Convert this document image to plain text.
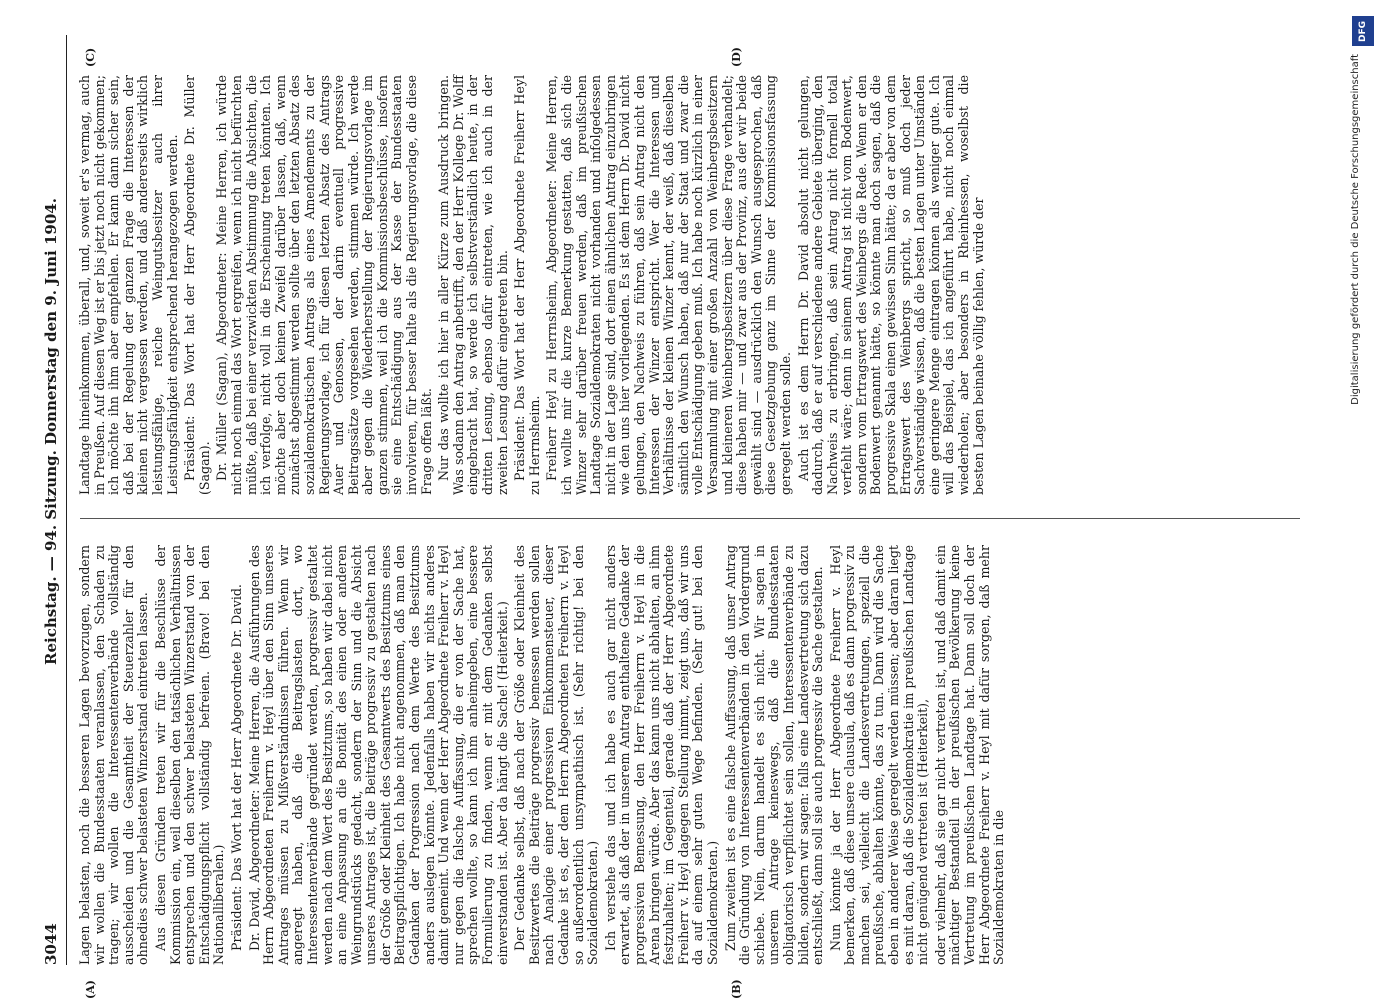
3044
Reichstag. — 94. Sitzung. Donnerstag den 9. Juni 1904.
(A)	(B)
(C)	(D)

Lagen belasten, noch die besseren Lagen bevorzugen, sondern wir wollen die Bundesstaaten veranlassen, den Schaden zu tragen; wir wollen die Interessentenverbände vollständig ausscheiden und die Gesamtheit der Steuerzahler für den ohnedies schwer belasteten Winzerstand eintreten lassen. Aus diesen Gründen treten wir für die Beschlüsse der Kommission ein, weil dieselben den tatsächlichen Verhältnissen entsprechen und den schwer belasteten Winzerstand von der Entschädigungspflicht vollständig befreien. (Bravo! bei den Nationalliberalen.) Präsident: Das Wort hat der Herr Abgeordnete Dr. David. Dr. David, Abgeordneter: Meine Herren, die Ausführungen des Herrn Abgeordneten Freiherrn v. Heyl über den Sinn unseres Antrages müssen zu Mißverständnissen führen. Wenn wir angeregt haben, daß die Beitragslasten dort, wo Interessentenverbände gegründet werden, progressiv gestaltet werden nach dem Wert des Besitztums, so haben wir dabei nicht an eine Anpassung an die Bonität des einen oder anderen Weingrundstücks gedacht, sondern der Sinn und die Absicht unseres Antrages ist, die Beiträge progressiv zu gestalten nach der Größe oder Kleinheit des Gesamtwerts des Besitztums eines Beitragspflichtigen. Ich habe nicht angenommen, daß man den Gedanken der Progression nach dem Werte des Besitztums anders auslegen könnte. Jedenfalls haben wir nichts anderes damit gemeint. Und wenn der Herr Abgeordnete Freiherr v. Heyl nur gegen die falsche Auffassung, die er von der Sache hat, sprechen wollte, so kann ich ihm anheimgeben, eine bessere Formulierung zu finden, wenn er mit dem Gedanken selbst einverstanden ist. Aber da hängt die Sache! (Heiterkeit.) Der Gedanke selbst, daß nach der Größe oder Kleinheit des Besitzwertes die Beiträge progressiv bemessen werden sollen nach Analogie einer progressiven Einkommensteuer, dieser Gedanke ist es, der dem Herrn Abgeordneten Freiherrn v. Heyl so außerordentlich unsympathisch ist. (Sehr richtig! bei den Sozialdemokraten.) Ich verstehe das und ich habe es auch gar nicht anders erwartet, als daß der in unserem Antrag enthaltene Gedanke der progressiven Bemessung, den Herr Freiherrn v. Heyl in die Arena bringen würde. Aber das kann uns nicht abhalten, an ihm festzuhalten; im Gegenteil, gerade daß der Herr Abgeordnete Freiherr v. Heyl dagegen Stellung nimmt, zeigt uns, daß wir uns da auf einem sehr guten Wege befinden. (Sehr gut! bei den Sozialdemokraten.) Zum zweiten ist es eine falsche Auffassung, daß unser Antrag die Gründung von Interessentenverbänden in den Vordergrund schiebe. Nein, darum handelt es sich nicht. Wir sagen in unserem Antrage keineswegs, daß die Bundesstaaten obligatorisch verpflichtet sein sollen, Interessentenverbände zu bilden, sondern wir sagen: falls eine Landesvertretung sich dazu entschließt, dann soll sie auch progressiv die Sache gestalten. Nun könnte ja der Herr Abgeordnete Freiherr v. Heyl bemerken, daß diese unsere clausula, daß es dann progressiv zu machen sei, vielleicht die Landesvertretungen, speziell die preußische, abhalten könnte, das zu tun. Dann wird die Sache eben in anderer Weise geregelt werden müssen; aber daran liegt es mit daran, daß die Sozialdemokratie im preußischen Landtage nicht genügend vertreten ist (Heiterkeit), oder vielmehr, daß sie gar nicht vertreten ist, und daß damit ein mächtiger Bestandteil in der preußischen Bevölkerung keine Vertretung im preußischen Landtage hat. Dann soll doch der Herr Abgeordnete Freiherr v. Heyl mit dafür sorgen, daß mehr Sozialdemokraten in die

Landtage hineinkommen, überall, und, soweit er's vermag, auch in Preußen. Auf diesen Weg ist er bis jetzt noch nicht gekommen; ich möchte ihn ihm aber empfehlen. Er kann dann sicher sein, daß bei der Regelung der ganzen Frage die Interessen der kleinen nicht vergessen werden, und daß andererseits wirklich leistungsfähige, reiche Weingutsbesitzer auch ihrer Leistungsfähigkeit entsprechend herangezogen werden. Präsident: Das Wort hat der Herr Abgeordnete Dr. Müller (Sagan). Dr. Müller (Sagan), Abgeordneter: Meine Herren, ich würde nicht noch einmal das Wort ergreifen, wenn ich nicht befürchten müßte, daß bei einer verzwickten Abstimmung die Absichten, die ich verfolge, nicht voll in die Erscheinung treten könnten. Ich möchte aber doch keinen Zweifel darüber lassen, daß, wenn zunächst abgestimmt werden sollte über den letzten Absatz des sozialdemokratischen Antrags als eines Amendements zu der Regierungsvorlage, ich für diesen letzten Absatz des Antrags Auer und Genossen, der darin eventuell progressive Beitragssätze vorgesehen werden, stimmen würde. Ich werde aber gegen die Wiederherstellung der Regierungsvorlage im ganzen stimmen, weil ich die Kommissionsbeschlüsse, insofern sie eine Entschädigung aus der Kasse der Bundesstaaten involvieren, für besser halte als die Regierungsvorlage, die diese Frage offen läßt. Nur das wollte ich hier in aller Kürze zum Ausdruck bringen. Was sodann den Antrag anbetrifft, den der Herr Kollege Dr. Wolff eingebracht hat, so werde ich selbstverständlich heute, in der dritten Lesung, ebenso dafür eintreten, wie ich auch in der zweiten Lesung dafür eingetreten bin. Präsident: Das Wort hat der Herr Abgeordnete Freiherr Heyl zu Herrnsheim. Freiherr Heyl zu Herrnsheim, Abgeordneter: Meine Herren, ich wollte mir die kurze Bemerkung gestatten, daß sich die Winzer sehr darüber freuen werden, daß im preußischen Landtage Sozialdemokraten nicht vorhanden und infolgedessen nicht in der Lage sind, dort einen ähnlichen Antrag einzubringen wie den uns hier vorliegenden. Es ist dem Herrn Dr. David nicht gelungen, den Nachweis zu führen, daß sein Antrag nicht den Interessen der Winzer entspricht. Wer die Interessen und Verhältnisse der kleinen Winzer kennt, der weiß, daß dieselben sämtlich den Wunsch haben, daß nur der Staat und zwar die volle Entschädigung geben muß. Ich habe noch kürzlich in einer Versammlung mit einer großen Anzahl von Weinbergsbesitzern und kleineren Weinbergsbesitzern über diese Frage verhandelt; diese haben mir — und zwar aus der Provinz, aus der wir beide gewählt sind — ausdrücklich den Wunsch ausgesprochen, daß diese Gesetzgebung ganz im Sinne der Kommissionsfassung geregelt werden solle. Auch ist es dem Herrn Dr. David absolut nicht gelungen, dadurch, daß er auf verschiedene andere Gebiete überging, den Nachweis zu erbringen, daß sein Antrag nicht formell total verfehlt wäre; denn in seinem Antrag ist nicht vom Bodenwert, sondern vom Ertragswert des Weinbergs die Rede. Wenn er den Bodenwert genannt hätte, so könnte man doch sagen, daß die progressive Skala einen gewissen Sinn hätte; da er aber von dem Ertragswert des Weinbergs spricht, so muß doch jeder Sachverständige wissen, daß die besten Lagen unter Umständen eine geringere Menge eintragen können als weniger gute. Ich will das Beispiel, das ich angeführt habe, nicht noch einmal wiederholen; aber besonders in Rheinhessen, woselbst die besten Lagen beinahe völlig fehlen, würde der

DFG
Digitalisierung gefördert durch die Deutsche Forschungsgemeinschaft
